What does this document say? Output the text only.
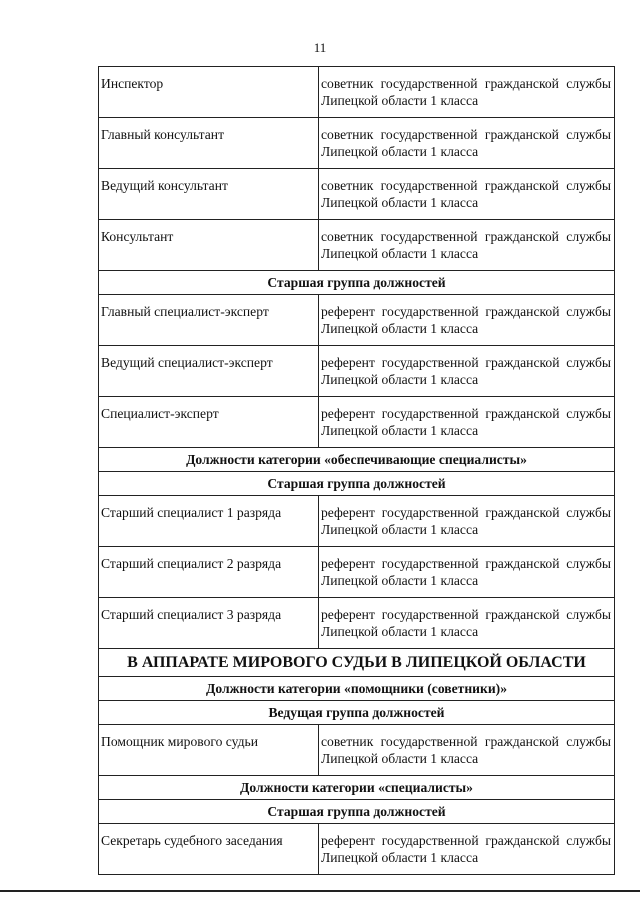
11
Инспектор	советник государственной гражданской службы Липецкой области 1 класса
Главный консультант	советник государственной гражданской службы Липецкой области 1 класса
Ведущий консультант	советник государственной гражданской службы Липецкой области 1 класса
Консультант	советник государственной гражданской службы Липецкой области 1 класса
Старшая группа должностей	
Главный специалист-эксперт	референт государственной гражданской службы Липецкой области 1 класса
Ведущий специалист-эксперт	референт государственной гражданской службы Липецкой области 1 класса
Специалист-эксперт	референт государственной гражданской службы Липецкой области 1 класса
Должности категории «обеспечивающие специалисты»	
Старшая группа должностей	
Старший специалист 1 разряда	референт государственной гражданской службы Липецкой области 1 класса
Старший специалист 2 разряда	референт государственной гражданской службы Липецкой области 1 класса
Старший специалист 3 разряда	референт государственной гражданской службы Липецкой области 1 класса
В АППАРАТЕ МИРОВОГО СУДЬИ В ЛИПЕЦКОЙ ОБЛАСТИ	
Должности категории «помощники (советники)»	
Ведущая группа должностей	
Помощник мирового судьи	советник государственной гражданской службы Липецкой области 1 класса
Должности категории «специалисты»	
Старшая группа должностей	
Секретарь судебного заседания	референт государственной гражданской службы Липецкой области 1 класса
